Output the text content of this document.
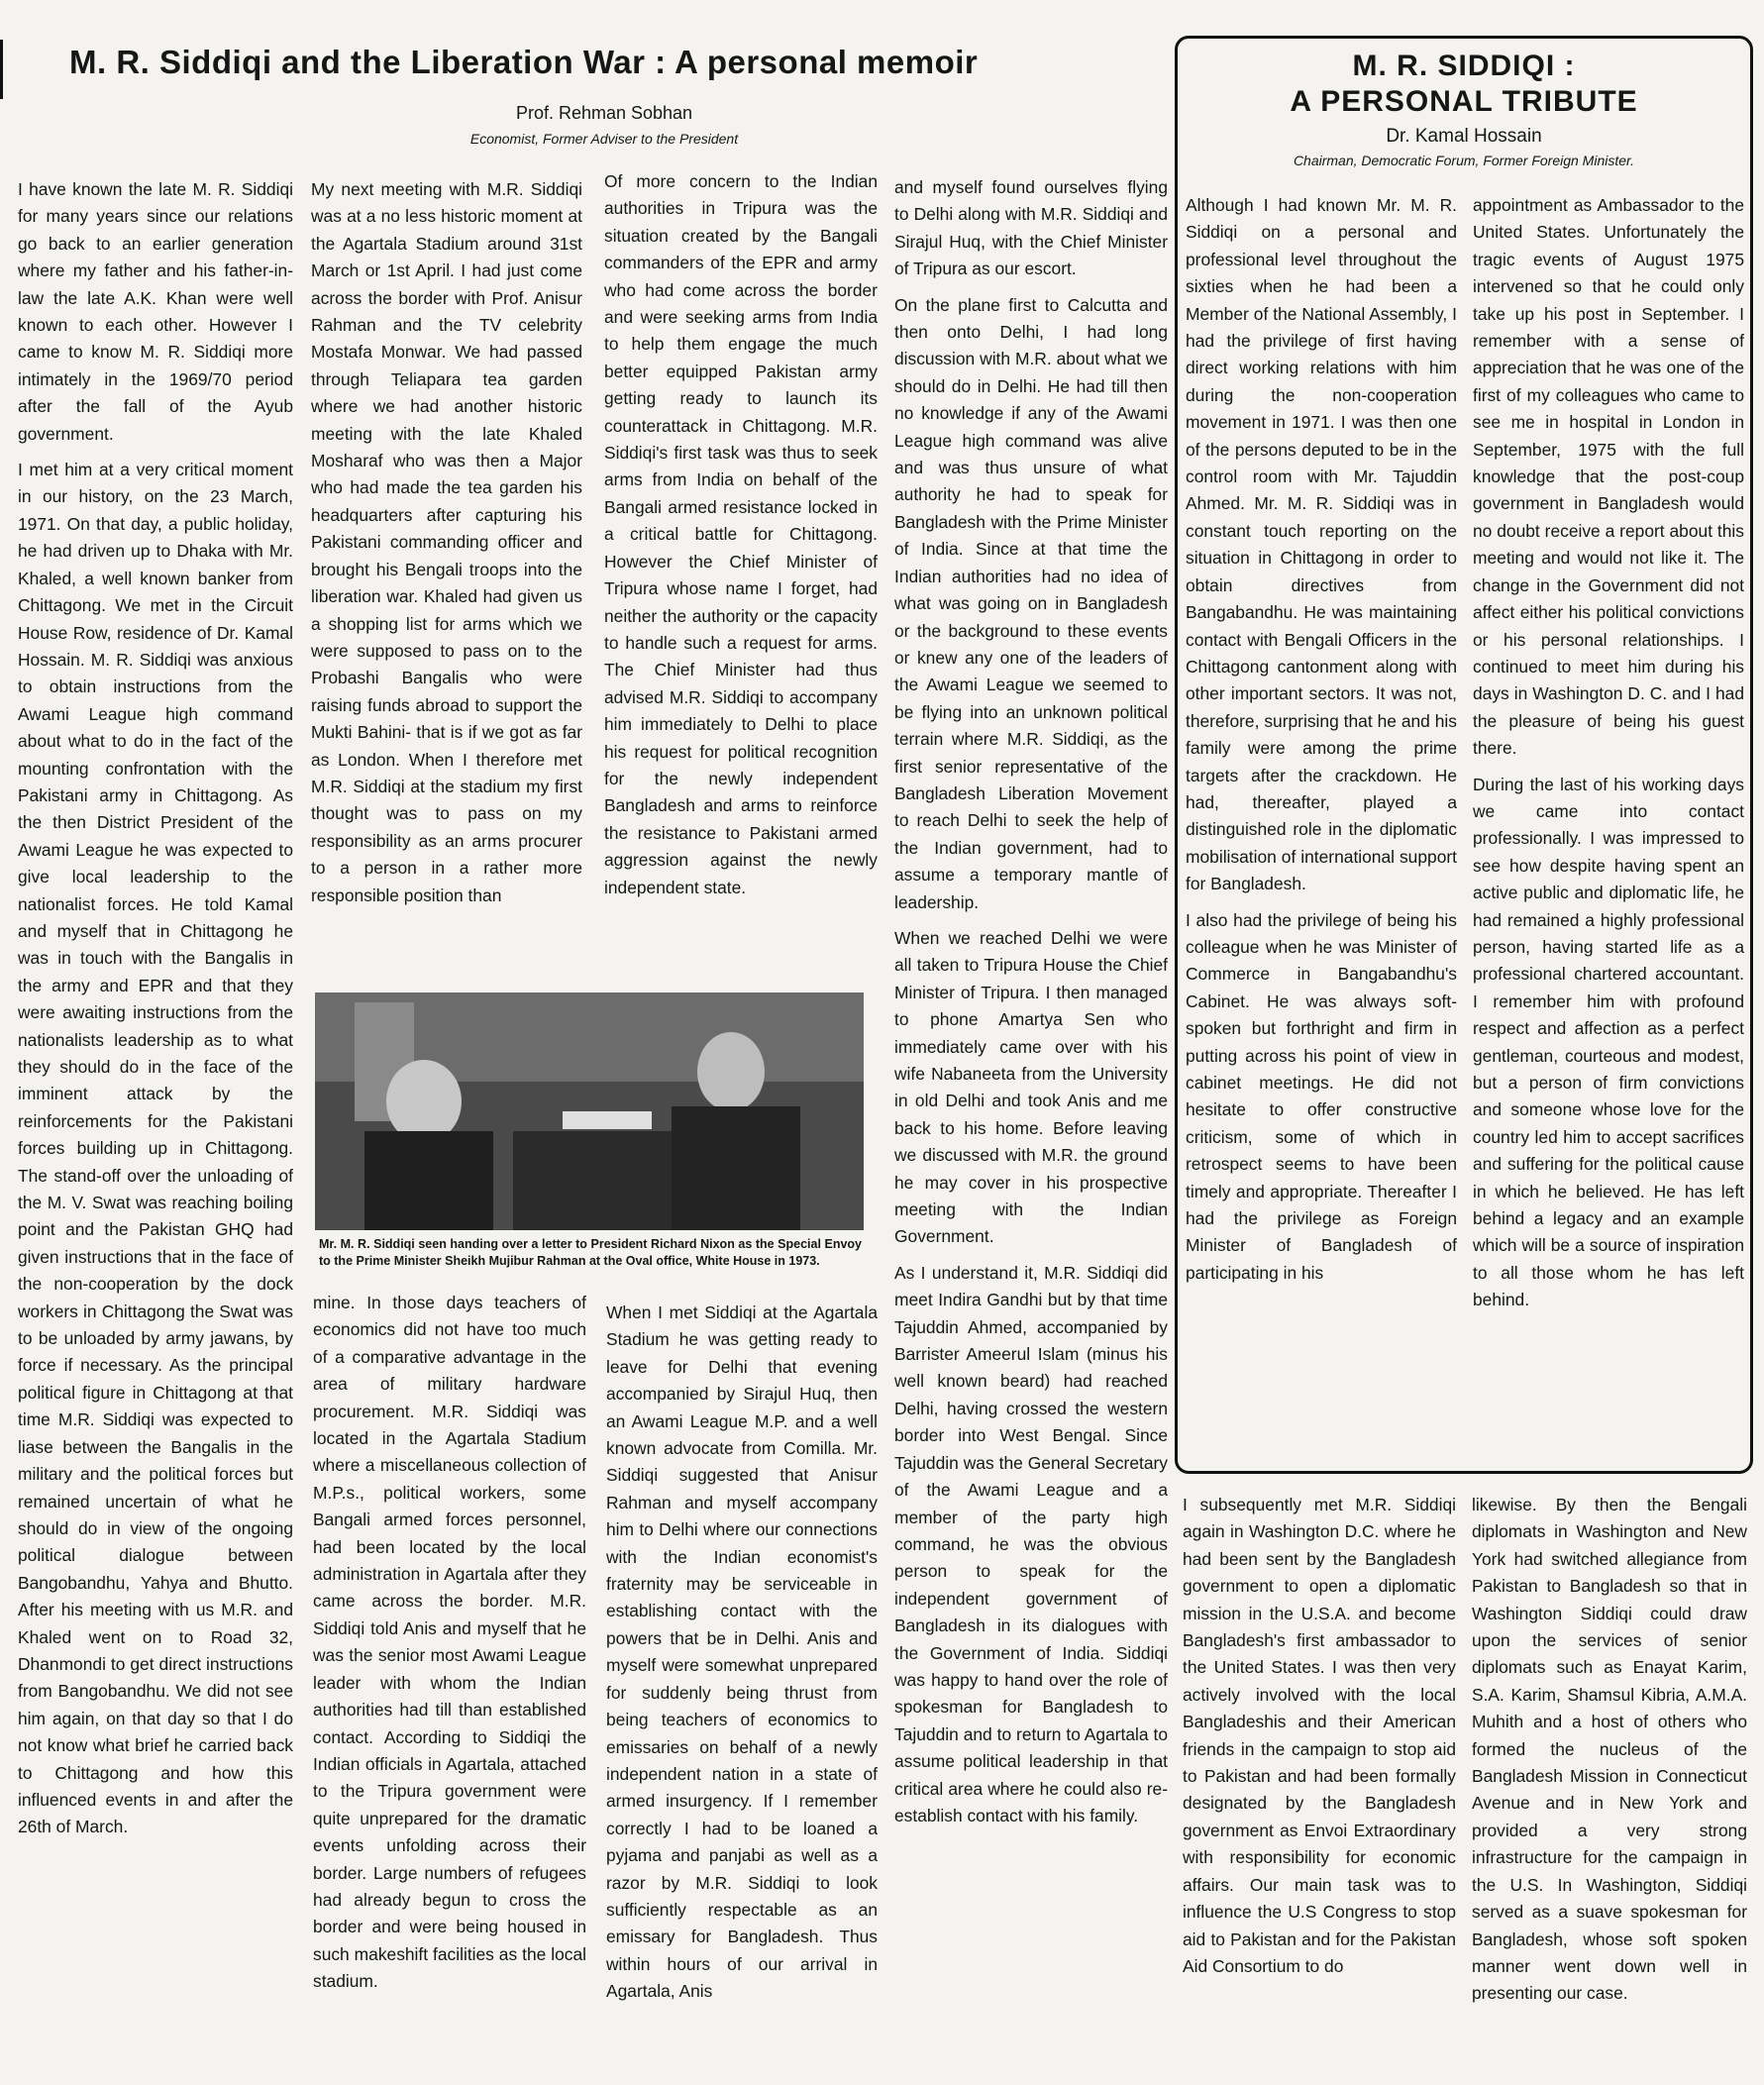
M. R. Siddiqi and the Liberation War : A personal memoir
Prof. Rehman Sobhan
Economist, Former Adviser to the President

I have known the late M. R. Siddiqi for many years since our relations go back to an earlier generation where my father and his father-in-law the late A.K. Khan were well known to each other. However I came to know M. R. Siddiqi more intimately in the 1969/70 period after the fall of the Ayub government.

I met him at a very critical moment in our history, on the 23 March, 1971. On that day, a public holiday, he had driven up to Dhaka with Mr. Khaled, a well known banker from Chittagong. We met in the Circuit House Row, residence of Dr. Kamal Hossain. M. R. Siddiqi was anxious to obtain instructions from the Awami League high command about what to do in the fact of the mounting confrontation with the Pakistani army in Chittagong. As the then District President of the Awami League he was expected to give local leadership to the nationalist forces. He told Kamal and myself that in Chittagong he was in touch with the Bangalis in the army and EPR and that they were awaiting instructions from the nationalists leadership as to what they should do in the face of the imminent attack by the reinforcements for the Pakistani forces building up in Chittagong. The stand-off over the unloading of the M. V. Swat was reaching boiling point and the Pakistan GHQ had given instructions that in the face of the non-cooperation by the dock workers in Chittagong the Swat was to be unloaded by army jawans, by force if necessary. As the principal political figure in Chittagong at that time M.R. Siddiqi was expected to liase between the Bangalis in the military and the political forces but remained uncertain of what he should do in view of the ongoing political dialogue between Bangobandhu, Yahya and Bhutto. After his meeting with us M.R. and Khaled went on to Road 32, Dhanmondi to get direct instructions from Bangobandhu. We did not see him again, on that day so that I do not know what brief he carried back to Chittagong and how this influenced events in and after the 26th of March.

My next meeting with M.R. Siddiqi was at a no less historic moment at the Agartala Stadium around 31st March or 1st April. I had just come across the border with Prof. Anisur Rahman and the TV celebrity Mostafa Monwar. We had passed through Teliapara tea garden where we had another historic meeting with the late Khaled Mosharaf who was then a Major who had made the tea garden his headquarters after capturing his Pakistani commanding officer and brought his Bengali troops into the liberation war. Khaled had given us a shopping list for arms which we were supposed to pass on to the Probashi Bangalis who were raising funds abroad to support the Mukti Bahini- that is if we got as far as London. When I therefore met M.R. Siddiqi at the stadium my first thought was to pass on my responsibility as an arms procurer to a person in a rather more responsible position than

Of more concern to the Indian authorities in Tripura was the situation created by the Bangali commanders of the EPR and army who had come across the border and were seeking arms from India to help them engage the much better equipped Pakistan army getting ready to launch its counterattack in Chittagong. M.R. Siddiqi's first task was thus to seek arms from India on behalf of the Bangali armed resistance locked in a critical battle for Chittagong. However the Chief Minister of Tripura whose name I forget, had neither the authority or the capacity to handle such a request for arms. The Chief Minister had thus advised M.R. Siddiqi to accompany him immediately to Delhi to place his request for political recognition for the newly independent Bangladesh and arms to reinforce the resistance to Pakistani armed aggression against the newly independent state.

and myself found ourselves flying to Delhi along with M.R. Siddiqi and Sirajul Huq, with the Chief Minister of Tripura as our escort.

On the plane first to Calcutta and then onto Delhi, I had long discussion with M.R. about what we should do in Delhi. He had till then no knowledge if any of the Awami League high command was alive and was thus unsure of what authority he had to speak for Bangladesh with the Prime Minister of India. Since at that time the Indian authorities had no idea of what was going on in Bangladesh or the background to these events or knew any one of the leaders of the Awami League we seemed to be flying into an unknown political terrain where M.R. Siddiqi, as the first senior representative of the Bangladesh Liberation Movement to reach Delhi to seek the help of the Indian government, had to assume a temporary mantle of leadership.

When we reached Delhi we were all taken to Tripura House the Chief Minister of Tripura. I then managed to phone Amartya Sen who immediately came over with his wife Nabaneeta from the University in old Delhi and took Anis and me back to his home. Before leaving we discussed with M.R. the ground he may cover in his prospective meeting with the Indian Government.

As I understand it, M.R. Siddiqi did meet Indira Gandhi but by that time Tajuddin Ahmed, accompanied by Barrister Ameerul Islam (minus his well known beard) had reached Delhi, having crossed the western border into West Bengal. Since Tajuddin was the General Secretary of the Awami League and a member of the party high command, he was the obvious person to speak for the independent government of Bangladesh in its dialogues with the Government of India. Siddiqi was happy to hand over the role of spokesman for Bangladesh to Tajuddin and to return to Agartala to assume political leadership in that critical area where he could also re-establish contact with his family.

Mr. M. R. Siddiqi seen handing over a letter to President Richard Nixon as the Special Envoy to the Prime Minister Sheikh Mujibur Rahman at the Oval office, White House in 1973.

mine. In those days teachers of economics did not have too much of a comparative advantage in the area of military hardware procurement. M.R. Siddiqi was located in the Agartala Stadium where a miscellaneous collection of M.P.s., political workers, some Bangali armed forces personnel, had been located by the local administration in Agartala after they came across the border. M.R. Siddiqi told Anis and myself that he was the senior most Awami League leader with whom the Indian authorities had till than established contact. According to Siddiqi the Indian officials in Agartala, attached to the Tripura government were quite unprepared for the dramatic events unfolding across their border. Large numbers of refugees had already begun to cross the border and were being housed in such makeshift facilities as the local stadium.

When I met Siddiqi at the Agartala Stadium he was getting ready to leave for Delhi that evening accompanied by Sirajul Huq, then an Awami League M.P. and a well known advocate from Comilla. Mr. Siddiqi suggested that Anisur Rahman and myself accompany him to Delhi where our connections with the Indian economist's fraternity may be serviceable in establishing contact with the powers that be in Delhi. Anis and myself were somewhat unprepared for suddenly being thrust from being teachers of economics to emissaries on behalf of a newly independent nation in a state of armed insurgency. If I remember correctly I had to be loaned a pyjama and panjabi as well as a razor by M.R. Siddiqi to look sufficiently respectable as an emissary for Bangladesh. Thus within hours of our arrival in Agartala, Anis

M. R. SIDDIQI :
A PERSONAL TRIBUTE
Dr. Kamal Hossain
Chairman, Democratic Forum, Former Foreign Minister.

Although I had known Mr. M. R. Siddiqi on a personal and professional level throughout the sixties when he had been a Member of the National Assembly, I had the privilege of first having direct working relations with him during the non-cooperation movement in 1971. I was then one of the persons deputed to be in the control room with Mr. Tajuddin Ahmed. Mr. M. R. Siddiqi was in constant touch reporting on the situation in Chittagong in order to obtain directives from Bangabandhu. He was maintaining contact with Bengali Officers in the Chittagong cantonment along with other important sectors. It was not, therefore, surprising that he and his family were among the prime targets after the crackdown. He had, thereafter, played a distinguished role in the diplomatic mobilisation of international support for Bangladesh.

I also had the privilege of being his colleague when he was Minister of Commerce in Bangabandhu's Cabinet. He was always soft-spoken but forthright and firm in putting across his point of view in cabinet meetings. He did not hesitate to offer constructive criticism, some of which in retrospect seems to have been timely and appropriate. Thereafter I had the privilege as Foreign Minister of Bangladesh of participating in his

appointment as Ambassador to the United States. Unfortunately the tragic events of August 1975 intervened so that he could only take up his post in September. I remember with a sense of appreciation that he was one of the first of my colleagues who came to see me in hospital in London in September, 1975 with the full knowledge that the post-coup government in Bangladesh would no doubt receive a report about this meeting and would not like it. The change in the Government did not affect either his political convictions or his personal relationships. I continued to meet him during his days in Washington D. C. and I had the pleasure of being his guest there.

During the last of his working days we came into contact professionally. I was impressed to see how despite having spent an active public and diplomatic life, he had remained a highly professional person, having started life as a professional chartered accountant. I remember him with profound respect and affection as a perfect gentleman, courteous and modest, but a person of firm convictions and someone whose love for the country led him to accept sacrifices and suffering for the political cause in which he believed. He has left behind a legacy and an example which will be a source of inspiration to all those whom he has left behind.

I subsequently met M.R. Siddiqi again in Washington D.C. where he had been sent by the Bangladesh government to open a diplomatic mission in the U.S.A. and become Bangladesh's first ambassador to the United States. I was then very actively involved with the local Bangladeshis and their American friends in the campaign to stop aid to Pakistan and had been formally designated by the Bangladesh government as Envoi Extraordinary with responsibility for economic affairs. Our main task was to influence the U.S Congress to stop aid to Pakistan and for the Pakistan Aid Consortium to do

likewise. By then the Bengali diplomats in Washington and New York had switched allegiance from Pakistan to Bangladesh so that in Washington Siddiqi could draw upon the services of senior diplomats such as Enayat Karim, S.A. Karim, Shamsul Kibria, A.M.A. Muhith and a host of others who formed the nucleus of the Bangladesh Mission in Connecticut Avenue and in New York and provided a very strong infrastructure for the campaign in the U.S. In Washington, Siddiqi served as a suave spokesman for Bangladesh, whose soft spoken manner went down well in presenting our case.
